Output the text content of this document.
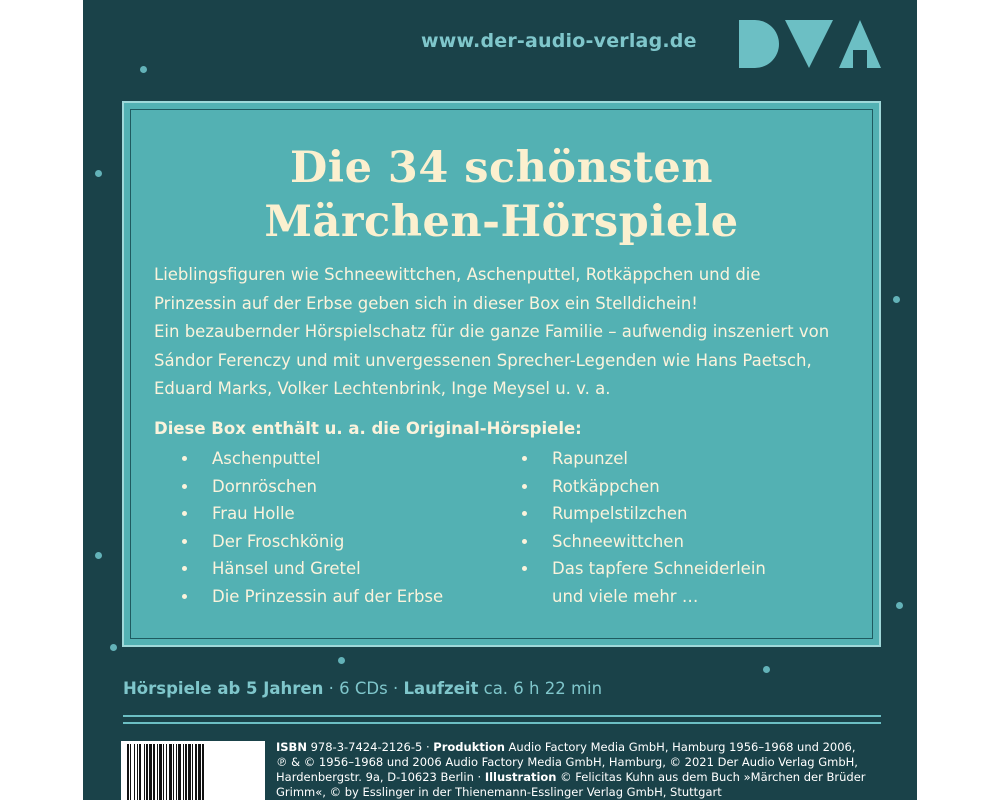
www.der-audio-verlag.de
Die 34 schönsten
Märchen-Hörspiele
Lieblingsfiguren wie Schneewittchen, Aschenputtel, Rotkäppchen und die
Prinzessin auf der Erbse geben sich in dieser Box ein Stelldichein!
Ein bezaubernder Hörspielschatz für die ganze Familie – aufwendig inszeniert von
Sándor Ferenczy und mit unvergessenen Sprecher-Legenden wie Hans Paetsch,
Eduard Marks, Volker Lechtenbrink, Inge Meysel u. v. a.
Diese Box enthält u. a. die Original-Hörspiele:
Aschenputtel
Dornröschen
Frau Holle
Der Froschkönig
Hänsel und Gretel
Die Prinzessin auf der Erbse
Rapunzel
Rotkäppchen
Rumpelstilzchen
Schneewittchen
Das tapfere Schneiderlein
und viele mehr …
Hörspiele ab 5 Jahren · 6 CDs · Laufzeit ca. 6 h 22 min
ISBN 978-3-7424-2126-5 · Produktion Audio Factory Media GmbH, Hamburg 1956–1968 und 2006,
℗ & © 1956–1968 und 2006 Audio Factory Media GmbH, Hamburg, © 2021 Der Audio Verlag GmbH,
Hardenbergstr. 9a, D-10623 Berlin · Illustration © Felicitas Kuhn aus dem Buch »Märchen der Brüder
Grimm«, © by Esslinger in der Thienemann-Esslinger Verlag GmbH, Stuttgart
